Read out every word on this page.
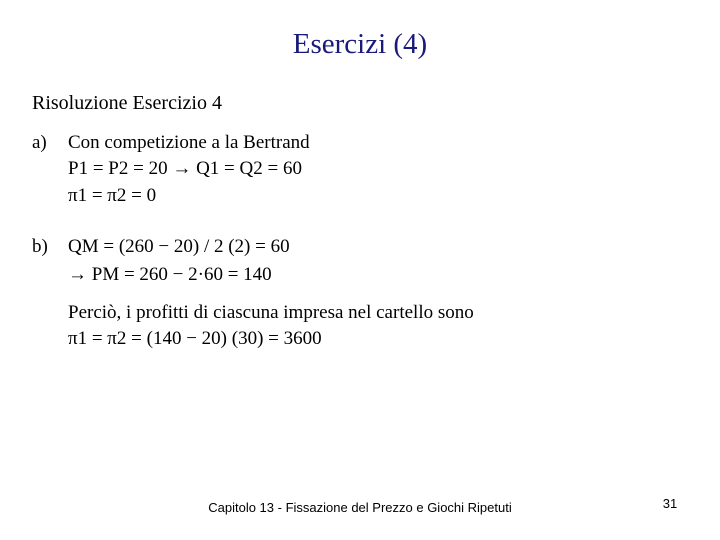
Esercizi (4)
Risoluzione Esercizio 4
a) Con competizione a la Bertrand
P1 = P2 = 20 → Q1 = Q2 = 60
π1 = π2 = 0
b) QM = (260 − 20) / 2 (2) = 60
→ PM = 260 − 2·60 = 140
Perciò, i profitti di ciascuna impresa nel cartello sono
π1 = π2 = (140 − 20) (30) = 3600
Capitolo 13 - Fissazione del Prezzo e Giochi Ripetuti	31
